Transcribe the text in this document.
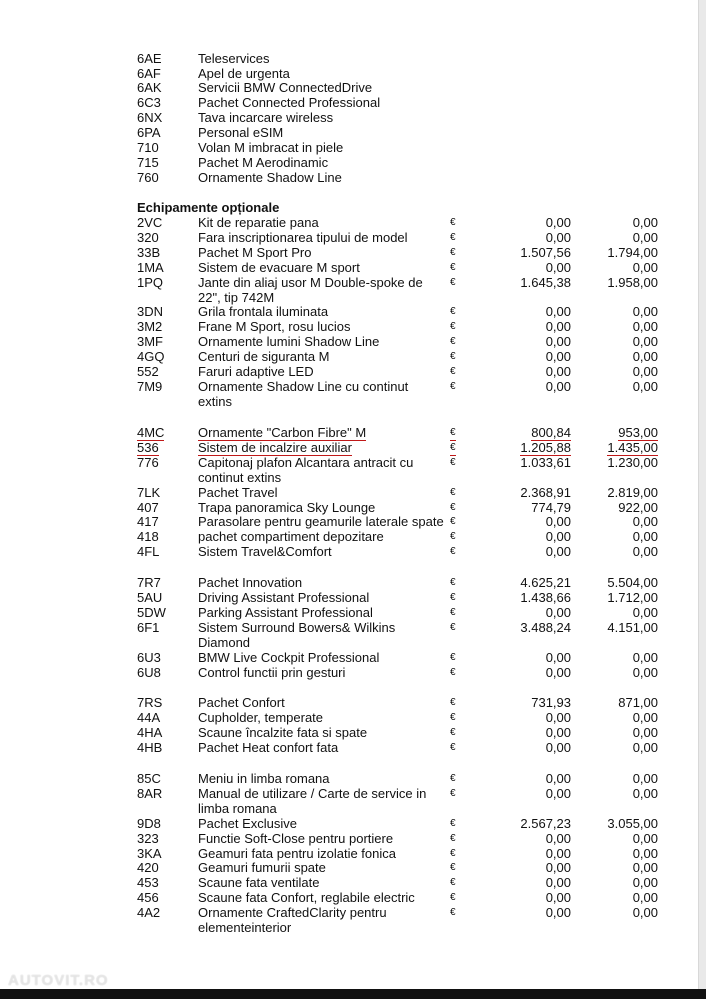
Echipamente opționale
6AE	Teleservices
6AF	Apel de urgenta
6AK	Servicii BMW ConnectedDrive
6C3	Pachet Connected Professional
6NX	Tava incarcare wireless
6PA	Personal eSIM
710	Volan M imbracat in piele
715	Pachet M Aerodinamic
760	Ornamente Shadow Line
2VC	Kit de reparatie pana	€	0,00	0,00
320	Fara inscriptionarea tipului de model	€	0,00	0,00
33B	Pachet M Sport Pro	€	1.507,56	1.794,00
1MA	Sistem de evacuare M sport	€	0,00	0,00
1PQ	Jante din aliaj usor M Double-spoke de	€	1.645,38	1.958,00
22", tip 742M
3DN	Grila frontala iluminata	€	0,00	0,00
3M2	Frane M Sport, rosu lucios	€	0,00	0,00
3MF	Ornamente lumini Shadow Line	€	0,00	0,00
4GQ	Centuri de siguranta M	€	0,00	0,00
552	Faruri adaptive LED	€	0,00	0,00
7M9	Ornamente Shadow Line cu continut	€	0,00	0,00
extins
4MC	Ornamente "Carbon Fibre" M	€	800,84	953,00
536	Sistem de incalzire auxiliar	€	1.205,88	1.435,00
776	Capitonaj plafon Alcantara antracit cu	€	1.033,61	1.230,00
continut extins
7LK	Pachet Travel	€	2.368,91	2.819,00
407	Trapa panoramica Sky Lounge	€	774,79	922,00
417	Parasolare pentru geamurile laterale spate €	0,00	0,00
418	pachet compartiment depozitare	€	0,00	0,00
4FL	Sistem Travel&Comfort	€	0,00	0,00
7R7	Pachet Innovation	€	4.625,21	5.504,00
5AU	Driving Assistant Professional	€	1.438,66	1.712,00
5DW Parking Assistant Professional	€	0,00	0,00
6F1	Sistem Surround Bowers& Wilkins	€	3.488,24	4.151,00
Diamond
6U3	BMW Live Cockpit Professional	€	0,00	0,00
6U8	Control functii prin gesturi	€	0,00	0,00
7RS	Pachet Confort	€	731,93	871,00
44A	Cupholder, temperate	€	0,00	0,00
4HA	Scaune încalzite fata si spate	€	0,00	0,00
4HB	Pachet Heat confort fata	€	0,00	0,00
85C	Meniu in limba romana	€	0,00	0,00
8AR	Manual de utilizare / Carte de service in €	0,00	0,00
limba romana
9D8	Pachet Exclusive	€	2.567,23	3.055,00
323	Functie Soft-Close pentru portiere	€	0,00	0,00
3KA	Geamuri fata pentru izolatie fonica	€	0,00	0,00
420	Geamuri fumurii spate	€	0,00	0,00
453	Scaune fata ventilate	€	0,00	0,00
456	Scaune fata Confort, reglabile electric	€	0,00	0,00
4A2	Ornamente CraftedClarity pentru	€	0,00	0,00
elementeinterior
AUTOVIT.RO
